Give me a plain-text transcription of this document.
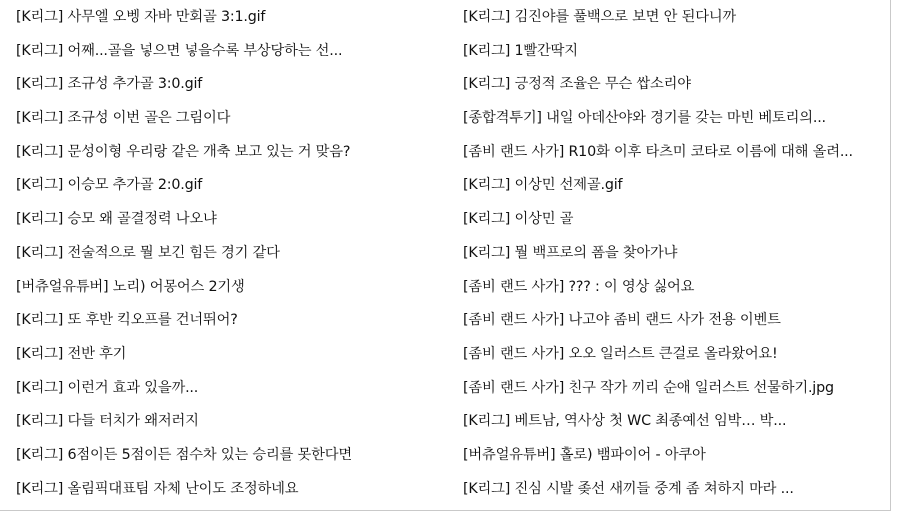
[K리그] 사무엘 오벵 자바 만회골 3:1.gif
[K리그] 어째...골을 넣으면 넣을수록 부상당하는 선...
[K리그] 조규성 추가골 3:0.gif
[K리그] 조규성 이번 골은 그림이다
[K리그] 문성이형 우리랑 같은 개축 보고 있는 거 맞음?
[K리그] 이승모 추가골 2:0.gif
[K리그] 승모 왜 골결정력 나오냐
[K리그] 전술적으로 뭘 보긴 힘든 경기 같다
[버츄얼유튜버] 노리) 어몽어스 2기생
[K리그] 또 후반 킥오프를 건너뛰어?
[K리그] 전반 후기
[K리그] 이런거 효과 있을까...
[K리그] 다들 터치가 왜저러지
[K리그] 6점이든 5점이든 점수차 있는 승리를 못한다면
[K리그] 올림픽대표팀 자체 난이도 조정하네요
[K리그] 김진야를 풀백으로 보면 안 된다니까
[K리그] 1빨간딱지
[K리그] 긍정적 조율은 무슨 쌉소리야
[종합격투기] 내일 아데산야와 경기를 갖는 마빈 베토리의...
[좀비 랜드 사가] R10화 이후 타츠미 코타로 이름에 대해 올려...
[K리그] 이상민 선제골.gif
[K리그] 이상민 골
[K리그] 뭘 백프로의 폼을 찾아가냐
[좀비 랜드 사가] ??? : 이 영상 싫어요
[좀비 랜드 사가] 나고야 좀비 랜드 사가 전용 이벤트
[좀비 랜드 사가] 오오 일러스트 큰걸로 올라왔어요!
[좀비 랜드 사가] 친구 작가 끼리 순애 일러스트 선물하기.jpg
[K리그] 베트남, 역사상 첫 WC 최종예선 임박… 박...
[버츄얼유튜버] 홀로) 뱀파이어 - 아쿠아
[K리그] 진심 시발 좆선 새끼들 중계 좀 쳐하지 마라 ...
